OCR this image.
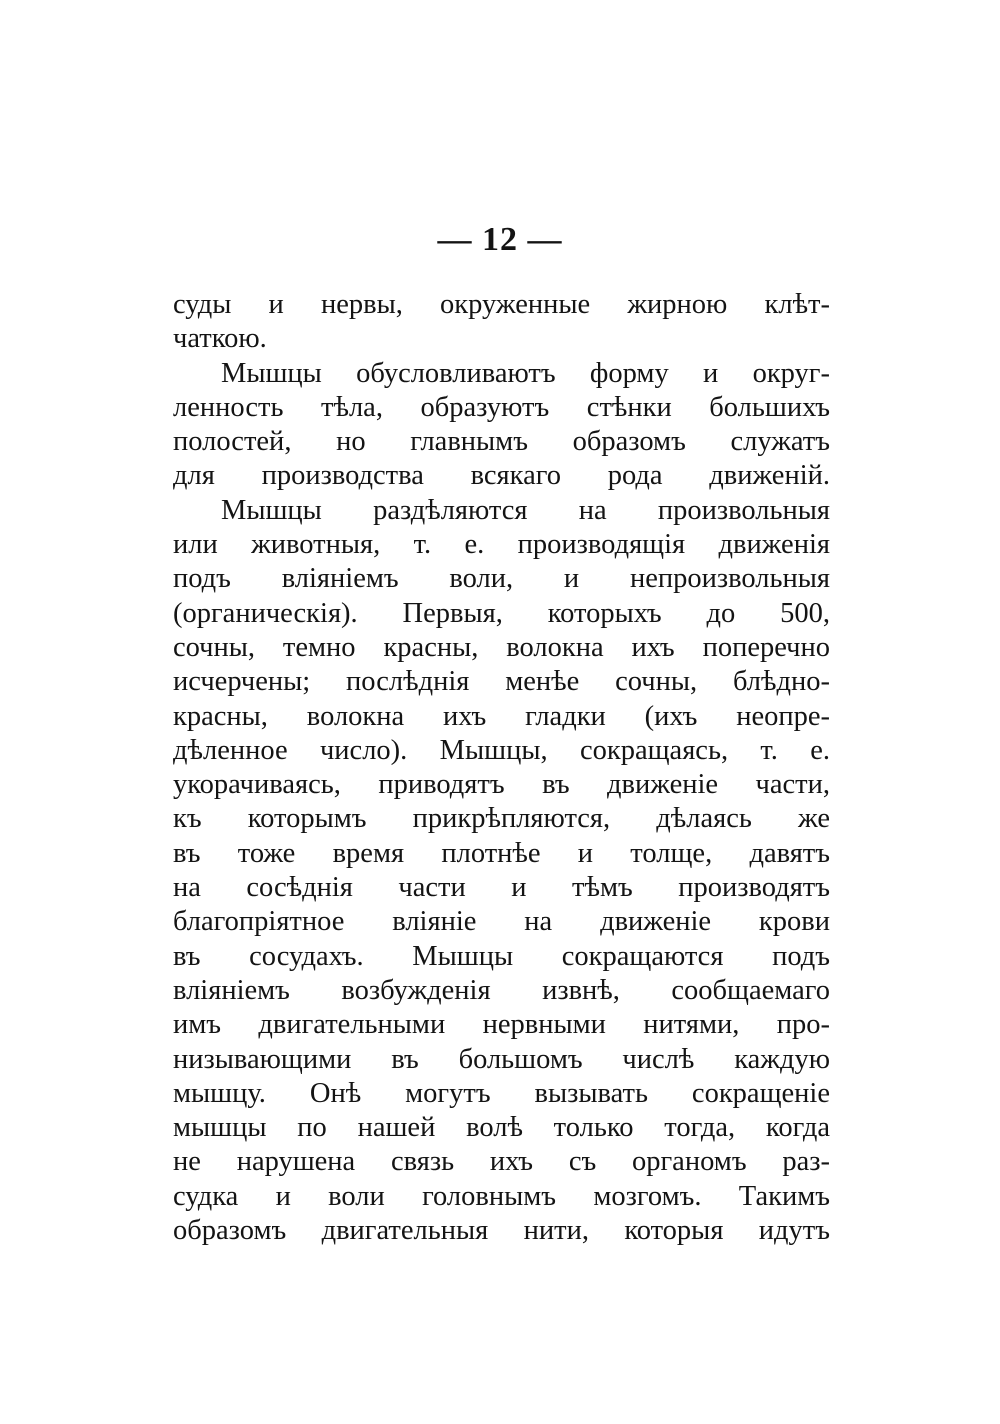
— 12 —
суды и нервы, окруженные жирною клѣт-
чаткою.
Мышцы обусловливаютъ форму и округ-
ленность тѣла, образуютъ стѣнки большихъ
полостей, но главнымъ образомъ служатъ
для производства всякаго рода движеній.
Мышцы раздѣляются на произвольныя
или животныя, т. е. производящія движенія
подъ вліяніемъ воли, и непроизвольныя
(органическія). Первыя, которыхъ до 500,
сочны, темно красны, волокна ихъ поперечно
исчерчены; послѣднія менѣе сочны, блѣдно-
красны, волокна ихъ гладки (ихъ неопре-
дѣленное число). Мышцы, сокращаясь, т. е.
укорачиваясь, приводятъ въ движеніе части,
къ которымъ прикрѣпляются, дѣлаясь же
въ тоже время плотнѣе и толще, давятъ
на сосѣднія части и тѣмъ производятъ
благопріятное вліяніе на движеніе крови
въ сосудахъ. Мышцы сокращаются подъ
вліяніемъ возбужденія извнѣ, сообщаемаго
имъ двигательными нервными нитями, про-
низывающими въ большомъ числѣ каждую
мышцу. Онѣ могутъ вызывать сокращеніе
мышцы по нашей волѣ только тогда, когда
не нарушена связь ихъ съ органомъ раз-
судка и воли головнымъ мозгомъ. Такимъ
образомъ двигательныя нити, которыя идутъ
